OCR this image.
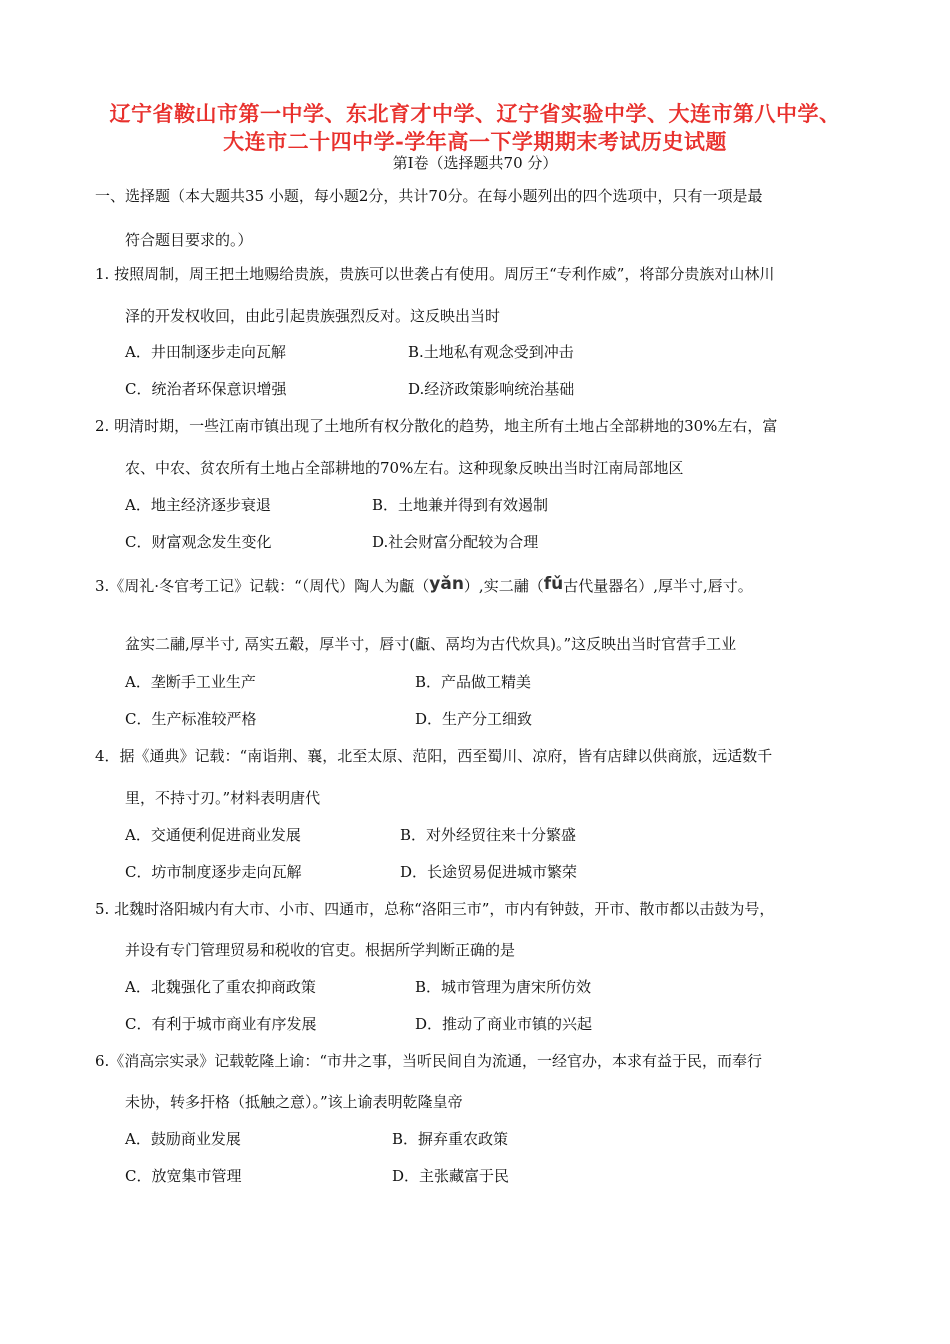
辽宁省鞍山市第一中学、东北育才中学、辽宁省实验中学、大连市第八中学、
大连市二十四中学-学年高一下学期期末考试历史试题
第Ⅰ卷（选择题共70 分）
一、选择题（本大题共35 小题，每小题2分，共计70分。在每小题列出的四个选项中，只有一项是最
符合题目要求的。）
1. 按照周制，周王把土地赐给贵族，贵族可以世袭占有使用。周厉王“专利作威”，将部分贵族对山林川
泽的开发权收回，由此引起贵族强烈反对。这反映出当时
A．井田制逐步走向瓦解	B.土地私有观念受到冲击
C．统治者环保意识增强	D.经济政策影响统治基础
2. 明清时期，一些江南市镇出现了土地所有权分散化的趋势，地主所有土地占全部耕地的30%左右，富
农、中农、贫农所有土地占全部耕地的70%左右。这种现象反映出当时江南局部地区
A．地主经济逐步衰退	B．土地兼并得到有效遏制
C．财富观念发生变化	D.社会财富分配较为合理
3.《周礼·冬官考工记》记载：“（周代）陶人为甗（yǎn）,实二鬴（fǔ古代量器名）,厚半寸,唇寸。
盆实二鬴,厚半寸, 鬲实五觳，厚半寸，唇寸(甗、鬲均为古代炊具)。”这反映出当时官营手工业
A．垄断手工业生产	B．产品做工精美
C．生产标准较严格	D．生产分工细致
4．据《通典》记载：“南诣荆、襄，北至太原、范阳，西至蜀川、凉府，皆有店肆以供商旅，远适数千
里，不持寸刃。”材料表明唐代
A．交通便利促进商业发展	B．对外经贸往来十分繁盛
C．坊市制度逐步走向瓦解	D．长途贸易促进城市繁荣
5. 北魏时洛阳城内有大市、小市、四通市，总称“洛阳三市”，市内有钟鼓，开市、散市都以击鼓为号，
并设有专门管理贸易和税收的官吏。根据所学判断正确的是
A．北魏强化了重农抑商政策	B．城市管理为唐宋所仿效
C．有利于城市商业有序发展	D．推动了商业市镇的兴起
6.《消高宗实录》记载乾隆上谕：“市井之事，当听民间自为流通，一经官办，本求有益于民，而奉行
未协，转多扞格（抵触之意）。”该上谕表明乾隆皇帝
A．鼓励商业发展	B．摒弃重农政策
C．放宽集市管理	D．主张藏富于民
